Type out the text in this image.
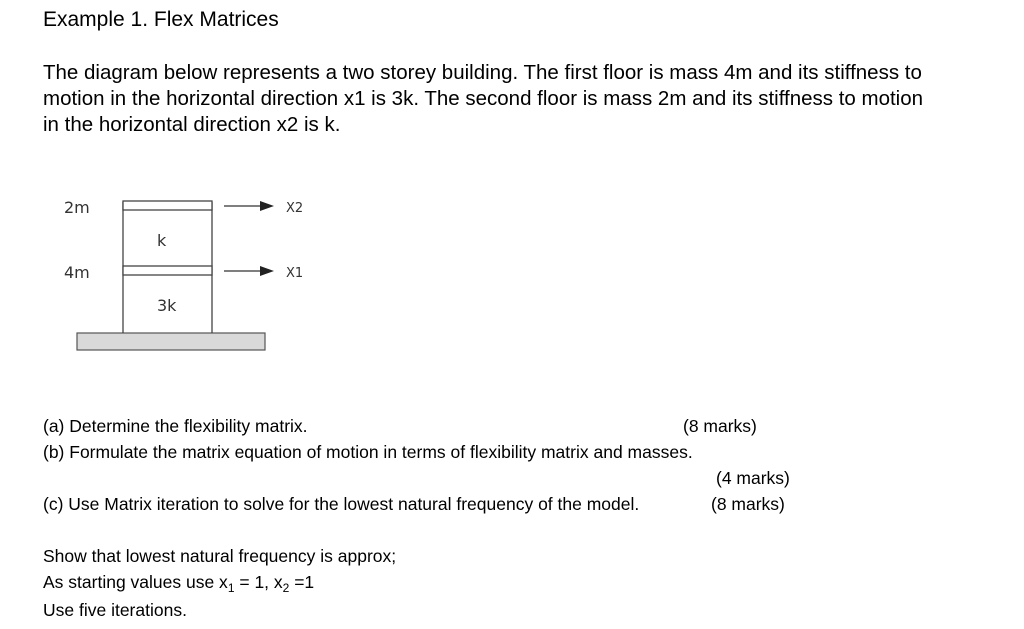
Example 1. Flex Matrices
The diagram below represents a two storey building. The first floor is mass 4m and its stiffness to
motion in the horizontal direction x1 is 3k. The second floor is mass 2m and its stiffness to motion
in the horizontal direction x2 is k.
2m
4m
k
3k
X2
X1
(a) Determine the flexibility matrix.	(8 marks)
(b) Formulate the matrix equation of motion in terms of flexibility matrix and masses.
(4 marks)
(c) Use Matrix iteration to solve for the lowest natural frequency of the model.	(8 marks)
Show that lowest natural frequency is approx;
As starting values use $x_1 = 1$, $x_2 =1$
Use five iterations.
